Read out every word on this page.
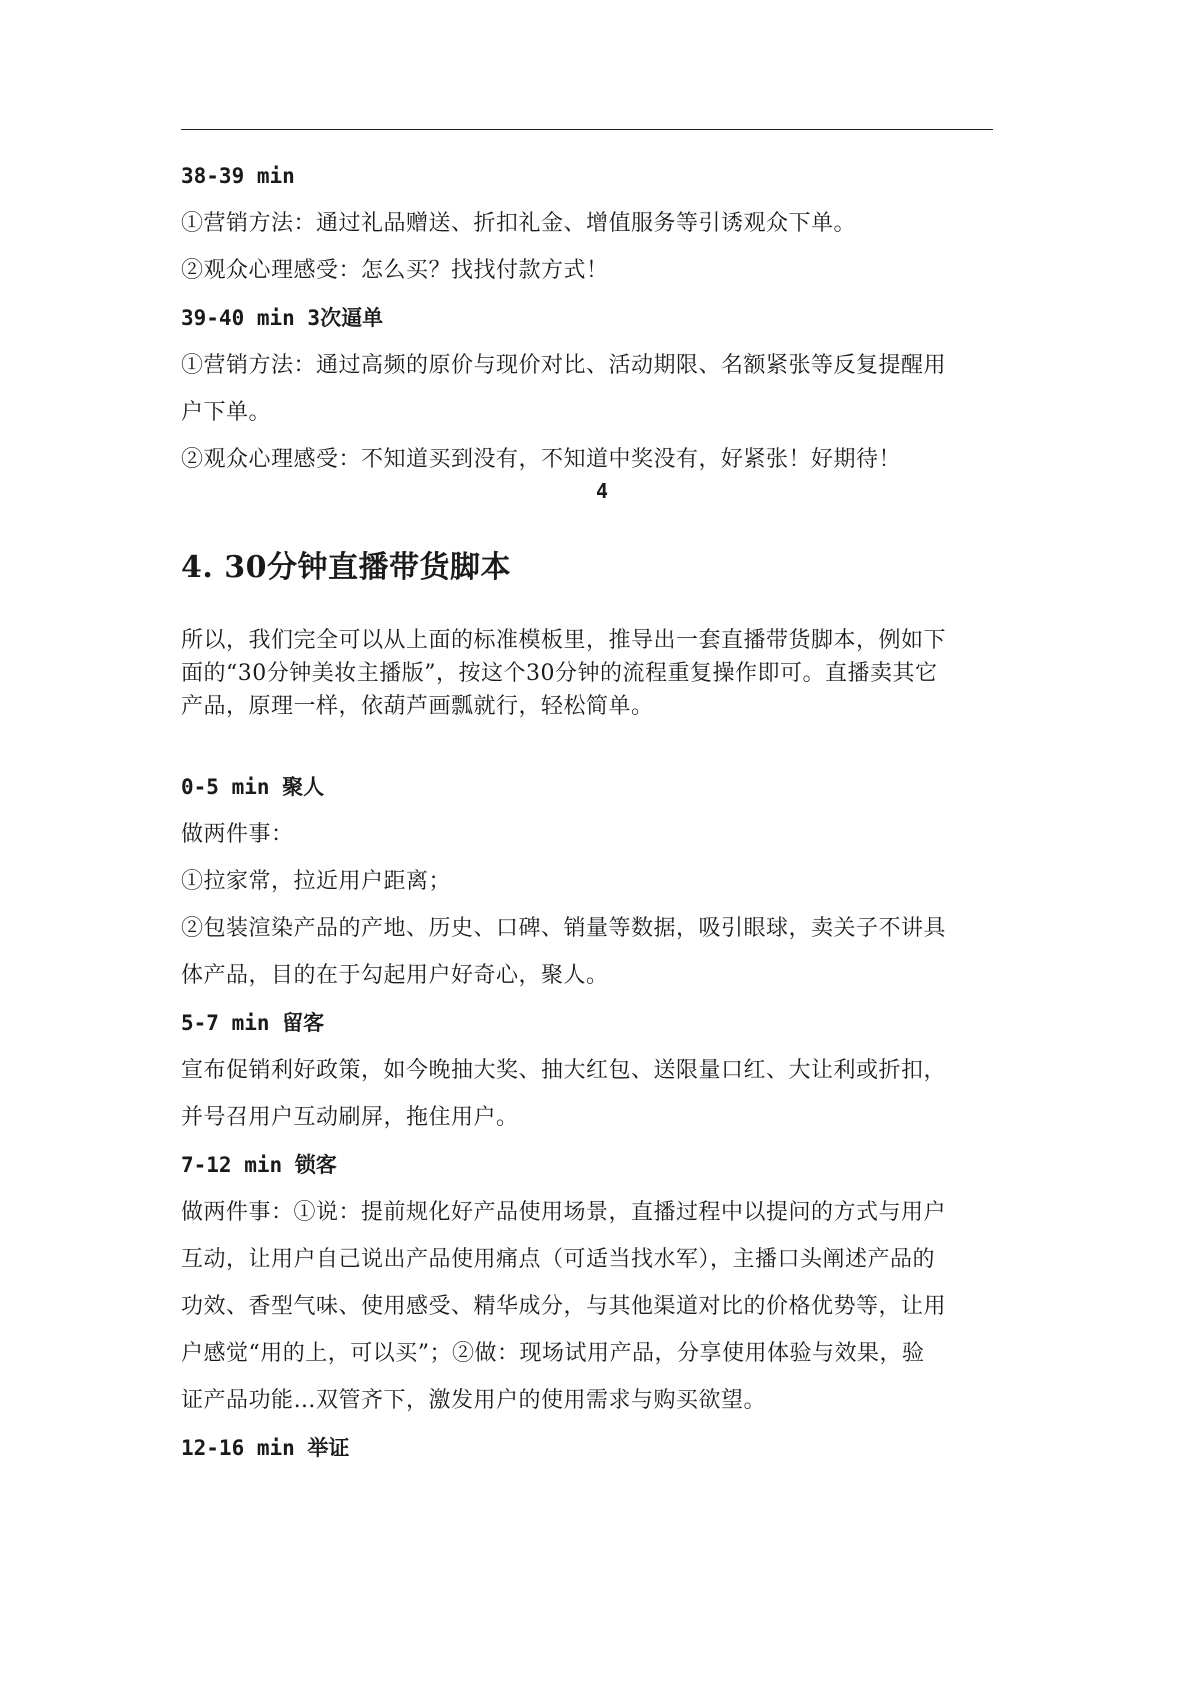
38-39 min
①营销方法：通过礼品赠送、折扣礼金、增值服务等引诱观众下单。
②观众心理感受：怎么买？找找付款方式！
39-40 min 3次逼单
①营销方法：通过高频的原价与现价对比、活动期限、名额紧张等反复提醒用
户下单。
②观众心理感受：不知道买到没有，不知道中奖没有，好紧张！好期待！
4
4. 30分钟直播带货脚本
所以，我们完全可以从上面的标准模板里，推导出一套直播带货脚本，例如下
面的“30分钟美妆主播版”，按这个30分钟的流程重复操作即可。直播卖其它
产品，原理一样，依葫芦画瓢就行，轻松简单。
0-5 min 聚人
做两件事：
①拉家常，拉近用户距离；
②包装渲染产品的产地、历史、口碑、销量等数据，吸引眼球，卖关子不讲具
体产品，目的在于勾起用户好奇心，聚人。
5-7 min 留客
宣布促销利好政策，如今晚抽大奖、抽大红包、送限量口红、大让利或折扣，
并号召用户互动刷屏，拖住用户。
7-12 min 锁客
做两件事：①说：提前规化好产品使用场景，直播过程中以提问的方式与用户
互动，让用户自己说出产品使用痛点（可适当找水军），主播口头阐述产品的
功效、香型气味、使用感受、精华成分，与其他渠道对比的价格优势等，让用
户感觉“用的上，可以买”；②做：现场试用产品，分享使用体验与效果，验
证产品功能…双管齐下，激发用户的使用需求与购买欲望。
12-16 min 举证
